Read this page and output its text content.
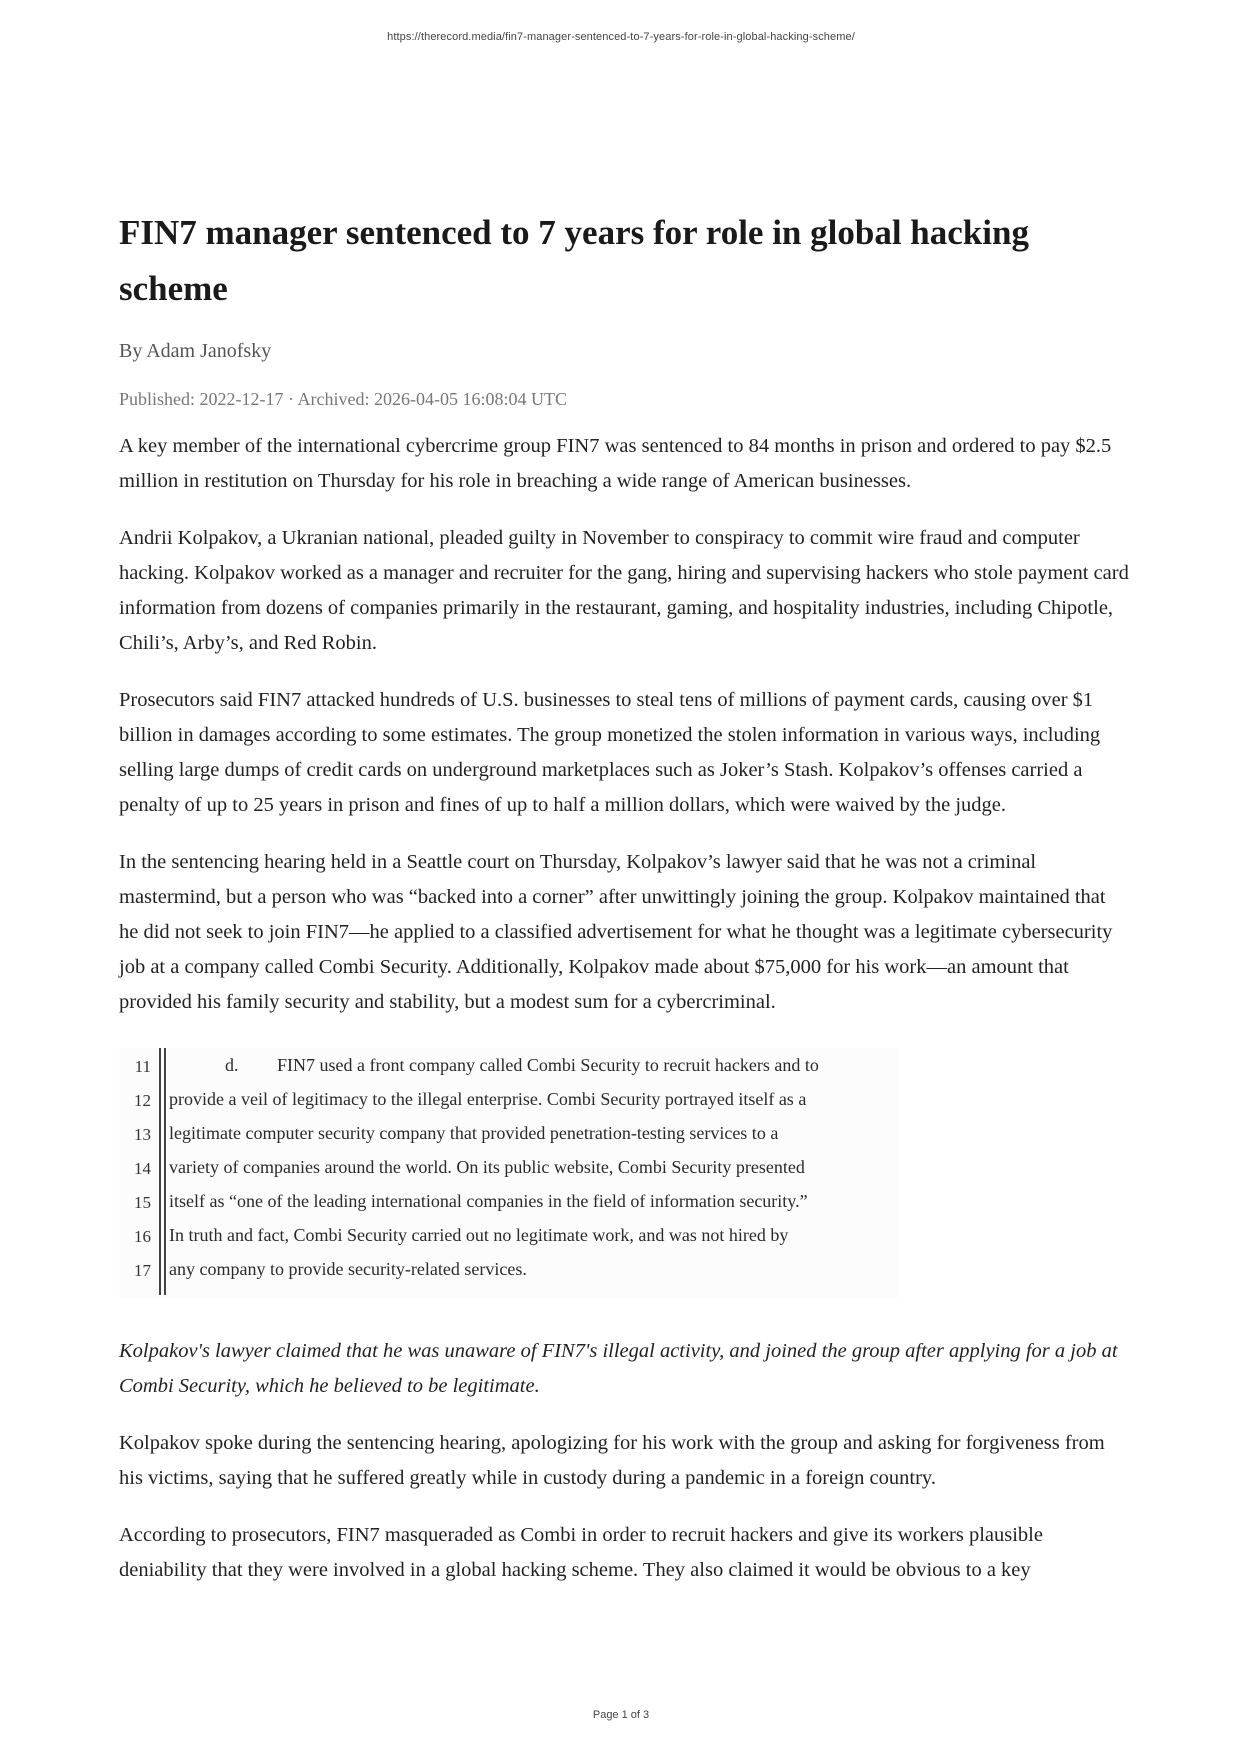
https://therecord.media/fin7-manager-sentenced-to-7-years-for-role-in-global-hacking-scheme/
FIN7 manager sentenced to 7 years for role in global hacking scheme
By Adam Janofsky
Published: 2022-12-17 · Archived: 2026-04-05 16:08:04 UTC

A key member of the international cybercrime group FIN7 was sentenced to 84 months in prison and ordered to pay $2.5 million in restitution on Thursday for his role in breaching a wide range of American businesses.

Andrii Kolpakov, a Ukranian national, pleaded guilty in November to conspiracy to commit wire fraud and computer hacking. Kolpakov worked as a manager and recruiter for the gang, hiring and supervising hackers who stole payment card information from dozens of companies primarily in the restaurant, gaming, and hospitality industries, including Chipotle, Chili’s, Arby’s, and Red Robin.

Prosecutors said FIN7 attacked hundreds of U.S. businesses to steal tens of millions of payment cards, causing over $1 billion in damages according to some estimates. The group monetized the stolen information in various ways, including selling large dumps of credit cards on underground marketplaces such as Joker’s Stash. Kolpakov’s offenses carried a penalty of up to 25 years in prison and fines of up to half a million dollars, which were waived by the judge.

In the sentencing hearing held in a Seattle court on Thursday, Kolpakov’s lawyer said that he was not a criminal mastermind, but a person who was “backed into a corner” after unwittingly joining the group. Kolpakov maintained that he did not seek to join FIN7—he applied to a classified advertisement for what he thought was a legitimate cybersecurity job at a company called Combi Security. Additionally, Kolpakov made about $75,000 for his work—an amount that provided his family security and stability, but a modest sum for a cybercriminal.

11
12
13
14
15
16
17
d. FIN7 used a front company called Combi Security to recruit hackers and to
provide a veil of legitimacy to the illegal enterprise. Combi Security portrayed itself as a
legitimate computer security company that provided penetration-testing services to a
variety of companies around the world. On its public website, Combi Security presented
itself as “one of the leading international companies in the field of information security.”
In truth and fact, Combi Security carried out no legitimate work, and was not hired by
any company to provide security-related services.

Kolpakov's lawyer claimed that he was unaware of FIN7's illegal activity, and joined the group after applying for a job at Combi Security, which he believed to be legitimate.

Kolpakov spoke during the sentencing hearing, apologizing for his work with the group and asking for forgiveness from his victims, saying that he suffered greatly while in custody during a pandemic in a foreign country.

According to prosecutors, FIN7 masqueraded as Combi in order to recruit hackers and give its workers plausible deniability that they were involved in a global hacking scheme. They also claimed it would be obvious to a key

Page 1 of 3
